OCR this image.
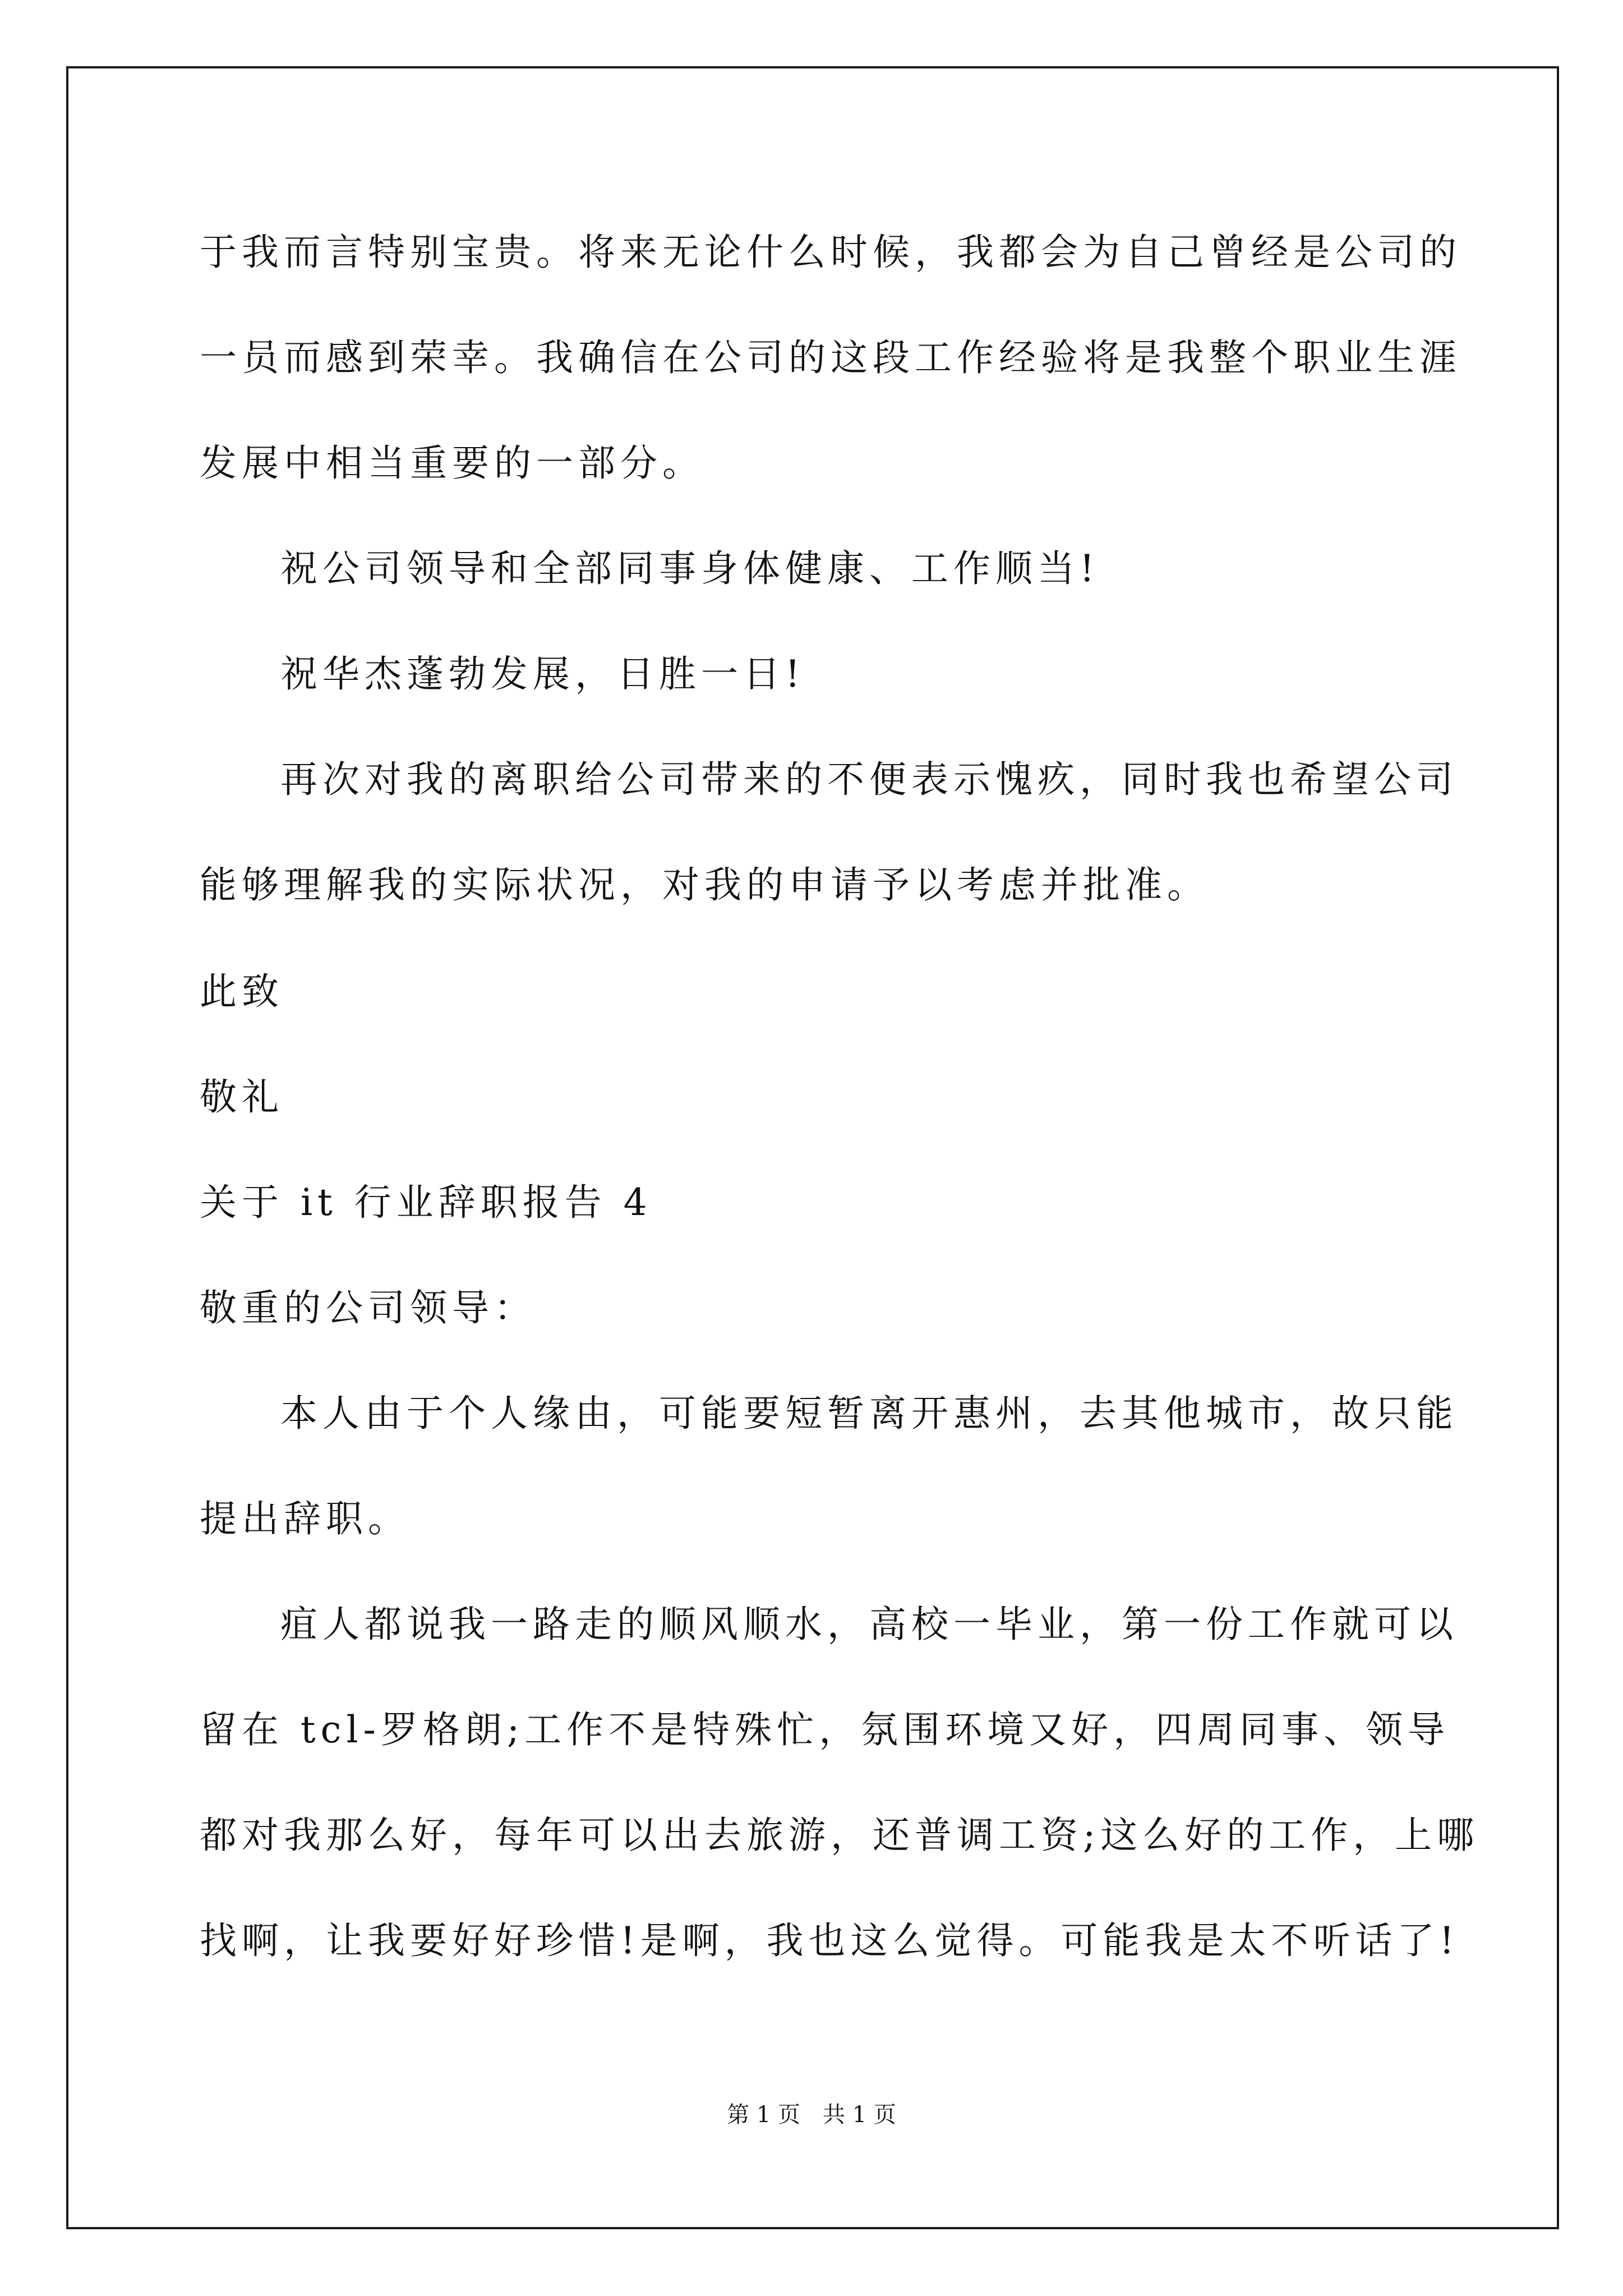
于我而言特别宝贵。将来无论什么时候，我都会为自己曾经是公司的
一员而感到荣幸。我确信在公司的这段工作经验将是我整个职业生涯
发展中相当重要的一部分。
祝公司领导和全部同事身体健康、工作顺当!
祝华杰蓬勃发展，日胜一日!
再次对我的离职给公司带来的不便表示愧疚，同时我也希望公司
能够理解我的实际状况，对我的申请予以考虑并批准。
此致
敬礼
关于 it 行业辞职报告 4
敬重的公司领导：
本人由于个人缘由，可能要短暂离开惠州，去其他城市，故只能
提出辞职。
疽人都说我一路走的顺风顺水，高校一毕业，第一份工作就可以
留在 tcl-罗格朗;工作不是特殊忙，氛围环境又好，四周同事、领导
都对我那么好，每年可以出去旅游，还普调工资;这么好的工作，上哪
找啊，让我要好好珍惜!是啊，我也这么觉得。可能我是太不听话了!
第 1 页　共 1 页
